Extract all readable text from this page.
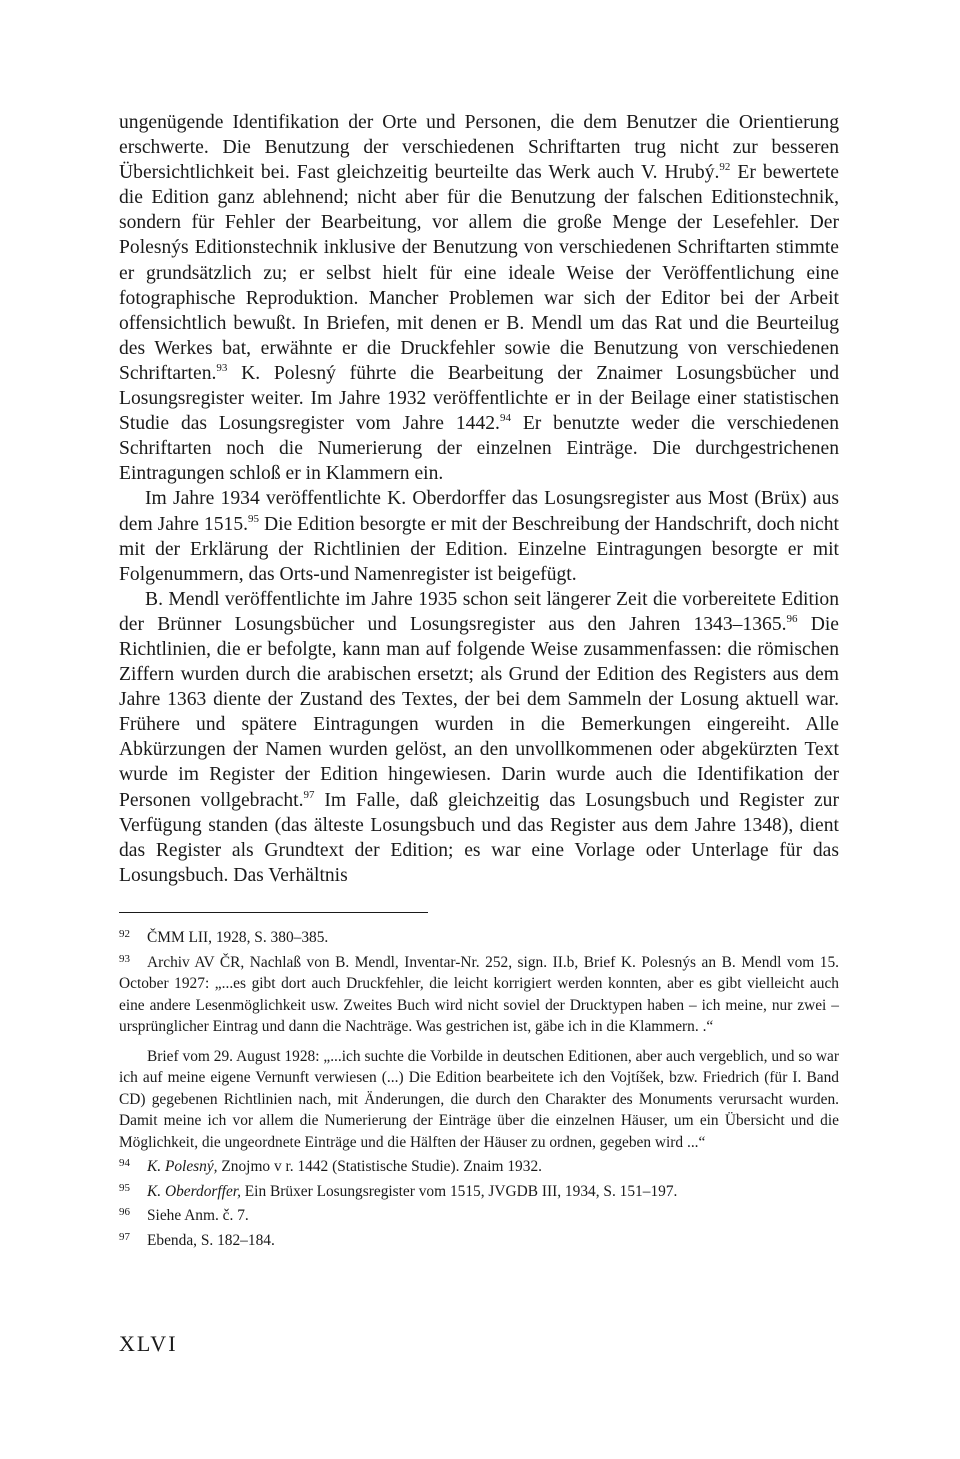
ungenügende Identifikation der Orte und Personen, die dem Benutzer die Orientierung erschwerte. Die Benutzung der verschiedenen Schriftarten trug nicht zur besseren Übersichtlichkeit bei. Fast gleichzeitig beurteilte das Werk auch V. Hrubý.$^{92}$ Er bewertete die Edition ganz ablehnend; nicht aber für die Benutzung der falschen Editionstechnik, sondern für Fehler der Bearbeitung, vor allem die große Menge der Lesefehler. Der Polesnýs Editionstechnik inklusive der Benutzung von verschiedenen Schriftarten stimmte er grundsätzlich zu; er selbst hielt für eine ideale Weise der Veröffentlichung eine fotographische Reproduktion. Mancher Problemen war sich der Editor bei der Arbeit offensichtlich bewußt. In Briefen, mit denen er B. Mendl um das Rat und die Beurteilug des Werkes bat, erwähnte er die Druckfehler sowie die Benutzung von verschiedenen Schriftarten.$^{93}$ K. Polesný führte die Bearbeitung der Znaimer Losungsbücher und Losungsregister weiter. Im Jahre 1932 veröffentlichte er in der Beilage einer statistischen Studie das Losungsregister vom Jahre 1442.94 Er benutzte weder die verschiedenen Schriftarten noch die Numerierung der einzelnen Einträge. Die durchgestrichenen Eintragungen schloß er in Klammern ein.

Im Jahre 1934 veröffentlichte K. Oberdorffer das Losungsregister aus Most (Brüx) aus dem Jahre 1515.95 Die Edition besorgte er mit der Beschreibung der Handschrift, doch nicht mit der Erklärung der Richtlinien der Edition. Einzelne Eintragungen besorgte er mit Folgenummern, das Orts-und Namenregister ist beigefügt.

B. Mendl veröffentlichte im Jahre 1935 schon seit längerer Zeit die vorbereitete Edition der Brünner Losungsbücher und Losungsregister aus den Jahren 1343–1365.96 Die Richtlinien, die er befolgte, kann man auf folgende Weise zusammenfassen: die römischen Ziffern wurden durch die arabischen ersetzt; als Grund der Edition des Registers aus dem Jahre 1363 diente der Zustand des Textes, der bei dem Sammeln der Losung aktuell war. Frühere und spätere Eintragungen wurden in die Bemerkungen eingereiht. Alle Abkürzungen der Namen wurden gelöst, an den unvollkommenen oder abgekürzten Text wurde im Register der Edition hingewiesen. Darin wurde auch die Identifikation der Personen vollgebracht.$^{97}$ Im Falle, daß gleichzeitig das Losungsbuch und Register zur Verfügung standen (das älteste Losungsbuch und das Register aus dem Jahre 1348), dient das Register als Grundtext der Edition; es war eine Vorlage oder Unterlage für das Losungsbuch. Das Verhältnis

92 ČMM LII, 1928, S. 380–385.

93 Archiv AV ČR, Nachlaß von B. Mendl, Inventar-Nr. 252, sign. II.b, Brief K. Polesnýs an B. Mendl vom 15. October 1927: „...es gibt dort auch Druckfehler, die leicht korrigiert werden konnten, aber es gibt vielleicht auch eine andere Lesenmöglichkeit usw. Zweites Buch wird nicht soviel der Drucktypen haben – ich meine, nur zwei – ursprünglicher Eintrag und dann die Nachträge. Was gestrichen ist, gäbe ich in die Klammern. .“

Brief vom 29. August 1928: „...ich suchte die Vorbilde in deutschen Editionen, aber auch vergeblich, und so war ich auf meine eigene Vernunft verwiesen (...) Die Edition bearbeitete ich den Vojtíšek, bzw. Friedrich (für I. Band CD) gegebenen Richtlinien nach, mit Änderungen, die durch den Charakter des Monuments verursacht wurden. Damit meine ich vor allem die Numerierung der Einträge über die einzelnen Häuser, um ein Übersicht und die Möglichkeit, die ungeordnete Einträge und die Hälften der Häuser zu ordnen, gegeben wird ...“

94 K. Polesný, Znojmo v r. 1442 (Statistische Studie). Znaim 1932.

95 K. Oberdorffer, Ein Brüxer Losungsregister vom 1515, JVGDB III, 1934, S. 151–197.

96 Siehe Anm. č. 7.

97 Ebenda, S. 182–184.

XLVI
